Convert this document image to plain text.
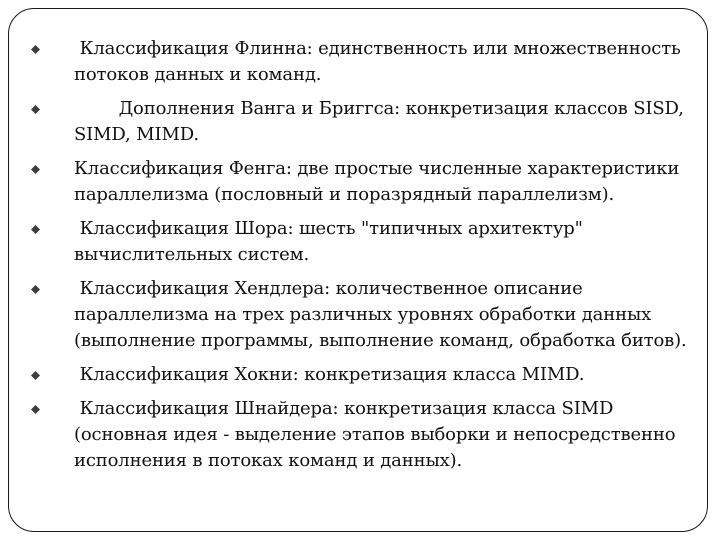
Классификация Флинна: единственность или множественность потоков данных и команд.
Дополнения Ванга и Бриггса: конкретизация классов SISD, SIMD, MIMD.
Классификация Фенга: две простые численные характеристики параллелизма (пословный и поразрядный параллелизм).
Классификация Шора: шесть "типичных архитектур" вычислительных систем.
Классификация Хендлера: количественное описание параллелизма на трех различных уровнях обработки данных (выполнение программы, выполнение команд, обработка битов).
Классификация Хокни: конкретизация класса MIMD.
Классификация Шнайдера: конкретизация класса SIMD (основная идея - выделение этапов выборки и непосредственно исполнения в потоках команд и данных).
